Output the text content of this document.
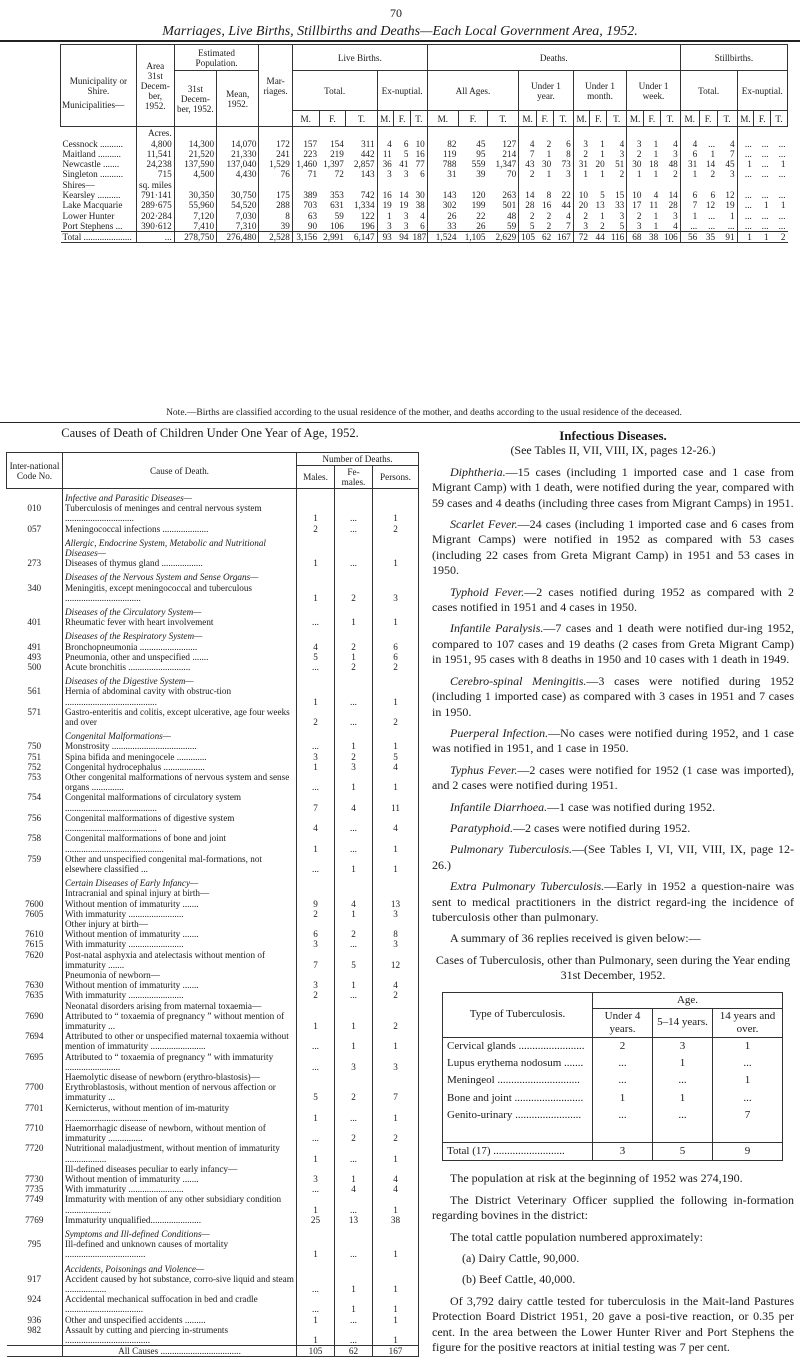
70
Marriages, Live Births, Stillbirths and Deaths—Each Local Government Area, 1952.
Municipality or Shire.	Area
31st Decem-ber, 1952.	Estimated Population.		Mar-riages.	Live Births.						Deaths.												Stillbirths.					
		31st Decem-ber, 1952.	Mean, 1952.		Total.			Ex-nuptial.			All Ages.			Under 1 year.			Under 1 month.			Under 1 week.			Total.			Ex-nuptial.		
					M.	F.	T.	M.	F.	T.	M.	F.	T.	M.	F.	T.	M.	F.	T.	M.	F.	T.	M.	F.	T.	M.	F.	T.
	Acres.																											
Cessnock ..........	4,800	14,300	14,070	172	157	154	311	4	6	10	82	45	127	4	2	6	3	1	4	3	1	4	4	...	4	...	...	...
Maitland ..........	11,541	21,520	21,330	241	223	219	442	11	5	16	119	95	214	7	1	8	2	1	3	2	1	3	6	1	7	...	...	...
Newcastle .......	24,238	137,590	137,040	1,529	1,460	1,397	2,857	36	41	77	788	559	1,347	43	30	73	31	20	51	30	18	48	31	14	45	1	...	1
Singleton ..........	715	4,500	4,430	76	71	72	143	3	3	6	31	39	70	2	1	3	1	1	2	1	1	2	1	2	3	...	...	...

Shires—	sq. miles																											
Kearsley ..........	791·141	30,350	30,750	175	389	353	742	16	14	30	143	120	263	14	8	22	10	5	15	10	4	14	6	6	12	...	...	...
Lake Macquarie	289·675	55,960	54,520	288	703	631	1,334	19	19	38	302	199	501	28	16	44	20	13	33	17	11	28	7	12	19	...	1	1
Lower Hunter	202·284	7,120	7,030	8	63	59	122	1	3	4	26	22	48	2	2	4	2	1	3	2	1	3	1	...	1	...	...	...
Port Stephens ...	390·612	7,410	7,310	39	90	106	196	3	3	6	33	26	59	5	2	7	3	2	5	3	1	4	...	...	...	...	...	...

Total .....................	...	278,750	276,480	2,528	3,156	2,991	6,147	93	94	187	1,524	1,105	2,629	105	62	167	72	44	116	68	38	106	56	35	91	1	1	2
Municipalities—
Note.—Births are classified according to the usual residence of the mother, and deaths according to the usual residence of the deceased.
Causes of Death of Children Under One Year of Age, 1952.
Inter-national Code No.	Cause of Death.	Number of Deaths.		
		Males.	Fe-males.	Persons.
	Infective and Parasitic Diseases—			
010	Tuberculosis of meninges and central nervous system ..............................	1	...	1
057	Meningococcal infections ....................	2	...	2
	Allergic, Endocrine System, Metabolic and Nutritional Diseases—			
273	Diseases of thymus gland ..................	1	...	1
	Diseases of the Nervous System and Sense Organs—			
340	Meningitis, except meningococcal and tuberculous .................................	1	2	3
	Diseases of the Circulatory System—			
401	Rheumatic fever with heart involvement	...	1	1
	Diseases of the Respiratory System—			
491	Bronchopneumonia .........................	4	2	6
493	Pneumonia, other and unspecified .......	5	1	6
500	Acute bronchitis ...........................	...	2	2
	Diseases of the Digestive System—			
561	Hernia of abdominal cavity with obstruc-tion ........................................	1	...	1
571	Gastro-enteritis and colitis, except ulcerative, age four weeks and over	2	...	2
	Congenital Malformations—			
750	Monstrosity .....................................	...	1	1
751	Spina bifida and meningocele .............	3	2	5
752	Congenital hydrocephalus ..................	1	3	4
753	Other congenital malformations of nervous system and sense organs ..............	...	1	1
754	Congenital malformations of circulatory system ........................................	7	4	11
756	Congenital malformations of digestive system ........................................	4	...	4
758	Congenital malformations of bone and joint ...........................................	1	...	1
759	Other and unspecified congenital mal-formations, not elsewhere classified ...	...	1	1
	Certain Diseases of Early Infancy—			
	Intracranial and spinal injury at birth—			
7600	Without mention of immaturity .......	9	4	13
7605	With immaturity ........................	2	1	3
	Other injury at birth—			
7610	Without mention of immaturity .......	6	2	8
7615	With immaturity ........................	3	...	3
7620	Post-natal asphyxia and atelectasis without mention of immaturity .......	7	5	12
	Pneumonia of newborn—			
7630	Without mention of immaturity .......	3	1	4
7635	With immaturity ........................	2	...	2
	Neonatal disorders arising from maternal toxaemia—			
7690	Attributed to “ toxaemia of pregnancy ” without mention of immaturity ...	1	1	2
7694	Attributed to other or unspecified maternal toxaemia without mention of immaturity ........................	...	1	1
7695	Attributed to “ toxaemia of pregnancy ” with immaturity ........................	...	3	3
	Haemolytic disease of newborn (erythro-blastosis)—			
7700	Erythroblastosis, without mention of nervous affection or immaturity ...	5	2	7
7701	Kernicterus, without mention of im-maturity ....................................	1	...	1
7710	Haemorrhagic disease of newborn, without mention of immaturity ...............	...	2	2
7720	Nutritional maladjustment, without mention of immaturity ..................	1	...	1
	Ill-defined diseases peculiar to early infancy—			
7730	Without mention of immaturity .......	3	1	4
7735	With immaturity ........................	...	4	4
7749	Immaturity with mention of any other subsidiary condition ....................	1	...	1
7769	Immaturity unqualified......................	25	13	38
	Symptoms and Ill-defined Conditions—			
795	Ill-defined and unknown causes of mortality ...................................	1	...	1
	Accidents, Poisonings and Violence—			
917	Accident caused by hot substance, corro-sive liquid and steam ..................	...	1	1
924	Accidental mechanical suffocation in bed and cradle ..................................	...	1	1
936	Other and unspecified accidents .........	1	...	1
982	Assault by cutting and piercing in-struments .....................................	1	...	1
	All Causes ...................................	105	62	167

Infectious Diseases.

(See Tables II, VII, VIII, IX, pages 12-26.)

Diphtheria.—15 cases (including 1 imported case and 1 case from Migrant Camp) with 1 death, were notified during the year, compared with 59 cases and 4 deaths (including three cases from Migrant Camps) in 1951.

Scarlet Fever.—24 cases (including 1 imported case and 6 cases from Migrant Camps) were notified in 1952 as compared with 53 cases (including 22 cases from Greta Migrant Camp) in 1951 and 53 cases in 1950.

Typhoid Fever.—2 cases notified during 1952 as compared with 2 cases notified in 1951 and 4 cases in 1950.

Infantile Paralysis.—7 cases and 1 death were notified dur-ing 1952, compared to 107 cases and 19 deaths (2 cases from Greta Migrant Camp) in 1951, 95 cases with 8 deaths in 1950 and 10 cases with 1 death in 1949.

Cerebro-spinal Meningitis.—3 cases were notified during 1952 (including 1 imported case) as compared with 3 cases in 1951 and 7 cases in 1950.

Puerperal Infection.—No cases were notified during 1952, and 1 case was notified in 1951, and 1 case in 1950.

Typhus Fever.—2 cases were notified for 1952 (1 case was imported), and 2 cases were notified during 1951.

Infantile Diarrhoea.—1 case was notified during 1952.

Paratyphoid.—2 cases were notified during 1952.

Pulmonary Tuberculosis.—(See Tables I, VI, VII, VIII, IX, page 12-26.)

Extra Pulmonary Tuberculosis.—Early in 1952 a question-naire was sent to medical practitioners in the district regard-ing the incidence of tuberculosis other than pulmonary.

A summary of 36 replies received is given below:—

Cases of Tuberculosis, other than Pulmonary, seen during the Year ending 31st December, 1952.

Type of Tuberculosis.	Age.		
	Under 4 years.	5–14 years.	14 years and over.
Cervical glands ........................	2	3	1
Lupus erythema nodosum .......	...	1	...
Meningeol ..............................	...	...	1
Bone and joint .........................	1	1	...
Genito-urinary ........................	...	...	7

Total (17) ..........................	3	5	9

The population at risk at the beginning of 1952 was 274,190.

The District Veterinary Officer supplied the following in-formation regarding bovines in the district:

The total cattle population numbered approximately:

(a) Dairy Cattle, 90,000.

(b) Beef Cattle, 40,000.

Of 3,792 dairy cattle tested for tuberculosis in the Mait-land Pastures Protection Board District 1951, 20 gave a posi-tive reaction, or 0.35 per cent. In the area between the Lower Hunter River and Port Stephens the figure for the positive reactors at initial testing was 7 per cent.
